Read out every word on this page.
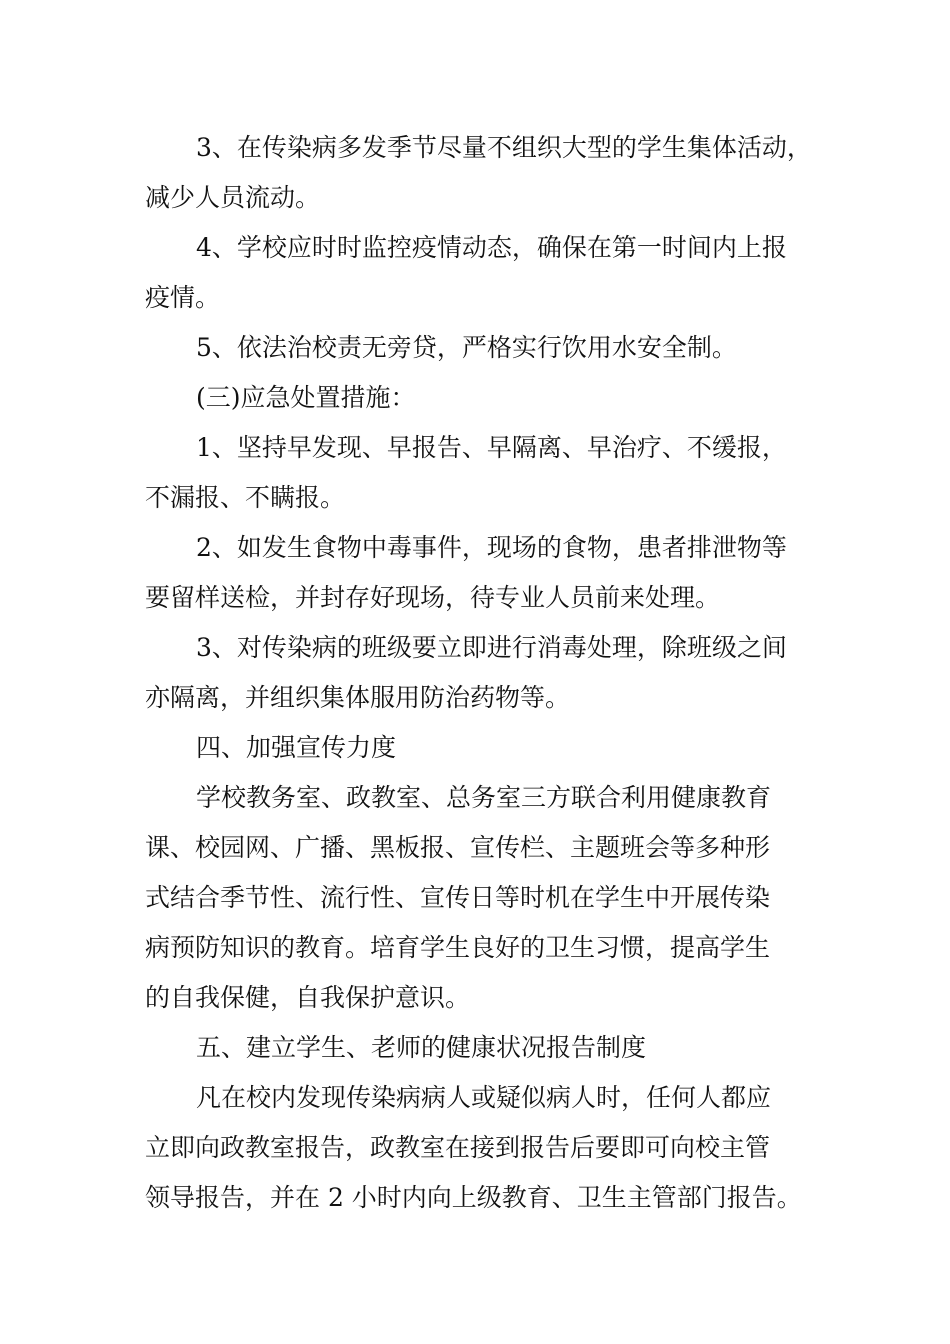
3、在传染病多发季节尽量不组织大型的学生集体活动，
减少人员流动。
4、学校应时时监控疫情动态，确保在第一时间内上报
疫情。
5、依法治校责无旁贷，严格实行饮用水安全制。
(三)应急处置措施：
1、坚持早发现、早报告、早隔离、早治疗、不缓报，
不漏报、不瞒报。
2、如发生食物中毒事件，现场的食物，患者排泄物等
要留样送检，并封存好现场，待专业人员前来处理。
3、对传染病的班级要立即进行消毒处理，除班级之间
亦隔离，并组织集体服用防治药物等。
四、加强宣传力度
学校教务室、政教室、总务室三方联合利用健康教育
课、校园网、广播、黑板报、宣传栏、主题班会等多种形
式结合季节性、流行性、宣传日等时机在学生中开展传染
病预防知识的教育。培育学生良好的卫生习惯，提高学生
的自我保健，自我保护意识。
五、建立学生、老师的健康状况报告制度
凡在校内发现传染病病人或疑似病人时，任何人都应
立即向政教室报告，政教室在接到报告后要即可向校主管
领导报告，并在 2 小时内向上级教育、卫生主管部门报告。
